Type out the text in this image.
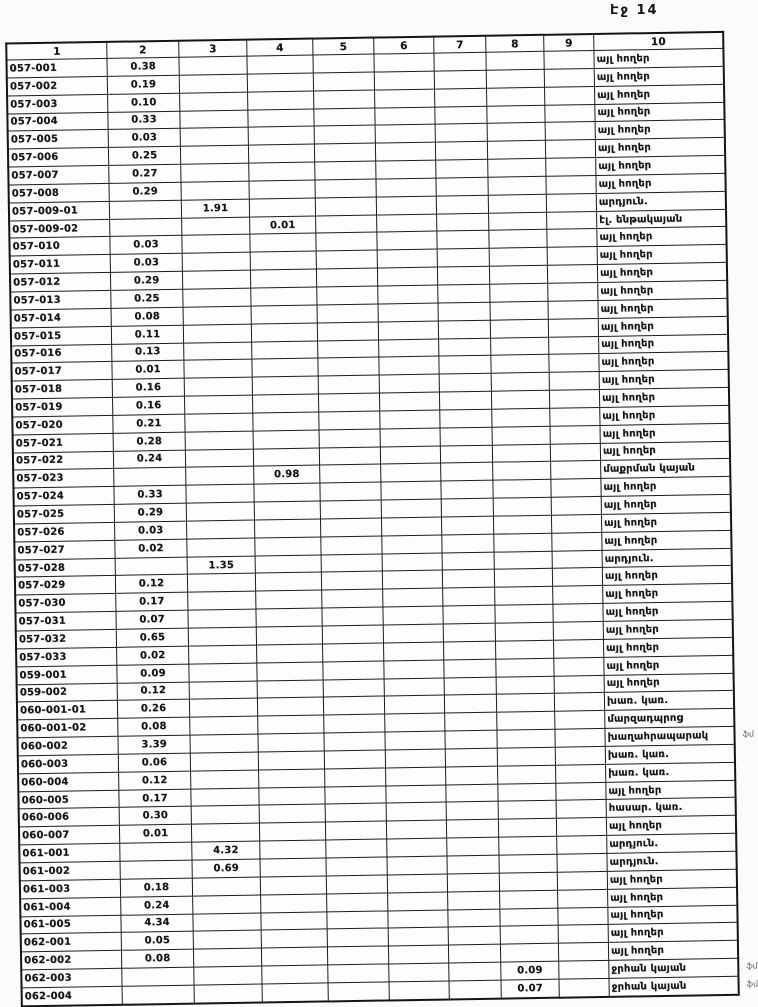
Էջ 14
1	2	3	4	5	6	7	8	9	10
057-001	0.38								այլ հողեր
057-002	0.19								այլ հողեր
057-003	0.10								այլ հողեր
057-004	0.33								այլ հողեր
057-005	0.03								այլ հողեր
057-006	0.25								այլ հողեր
057-007	0.27								այլ հողեր
057-008	0.29								այլ հողեր
057-009-01		1.91							արդյուն.
057-009-02			0.01						էլ. ենթակայան
057-010	0.03								այլ հողեր
057-011	0.03								այլ հողեր
057-012	0.29								այլ հողեր
057-013	0.25								այլ հողեր
057-014	0.08								այլ հողեր
057-015	0.11								այլ հողեր
057-016	0.13								այլ հողեր
057-017	0.01								այլ հողեր
057-018	0.16								այլ հողեր
057-019	0.16								այլ հողեր
057-020	0.21								այլ հողեր
057-021	0.28								այլ հողեր
057-022	0.24								այլ հողեր
057-023			0.98						մաքրման կայան
057-024	0.33								այլ հողեր
057-025	0.29								այլ հողեր
057-026	0.03								այլ հողեր
057-027	0.02								այլ հողեր
057-028		1.35							արդյուն.
057-029	0.12								այլ հողեր
057-030	0.17								այլ հողեր
057-031	0.07								այլ հողեր
057-032	0.65								այլ հողեր
057-033	0.02								այլ հողեր
059-001	0.09								այլ հողեր
059-002	0.12								այլ հողեր
060-001-01	0.26								խառ. կառ.
060-001-02	0.08								մարզադպրոց
060-002	3.39								խաղահրապարակ ֆմ

060-003	0.06								խառ. կառ.
060-004	0.12								խառ. կառ.
060-005	0.17								այլ հողեր
060-006	0.30								հասար. կառ.
060-007	0.01								այլ հողեր
061-001		4.32							արդյուն.
061-002		0.69							արդյուն.
061-003	0.18								այլ հողեր
061-004	0.24								այլ հողեր
061-005	4.34								այլ հողեր
062-001	0.05								այլ հողեր
062-002	0.08								այլ հողեր
062-003							0.09		ջրհան կայան ֆմ

062-004							0.07		ջրհան կայան ֆմ
